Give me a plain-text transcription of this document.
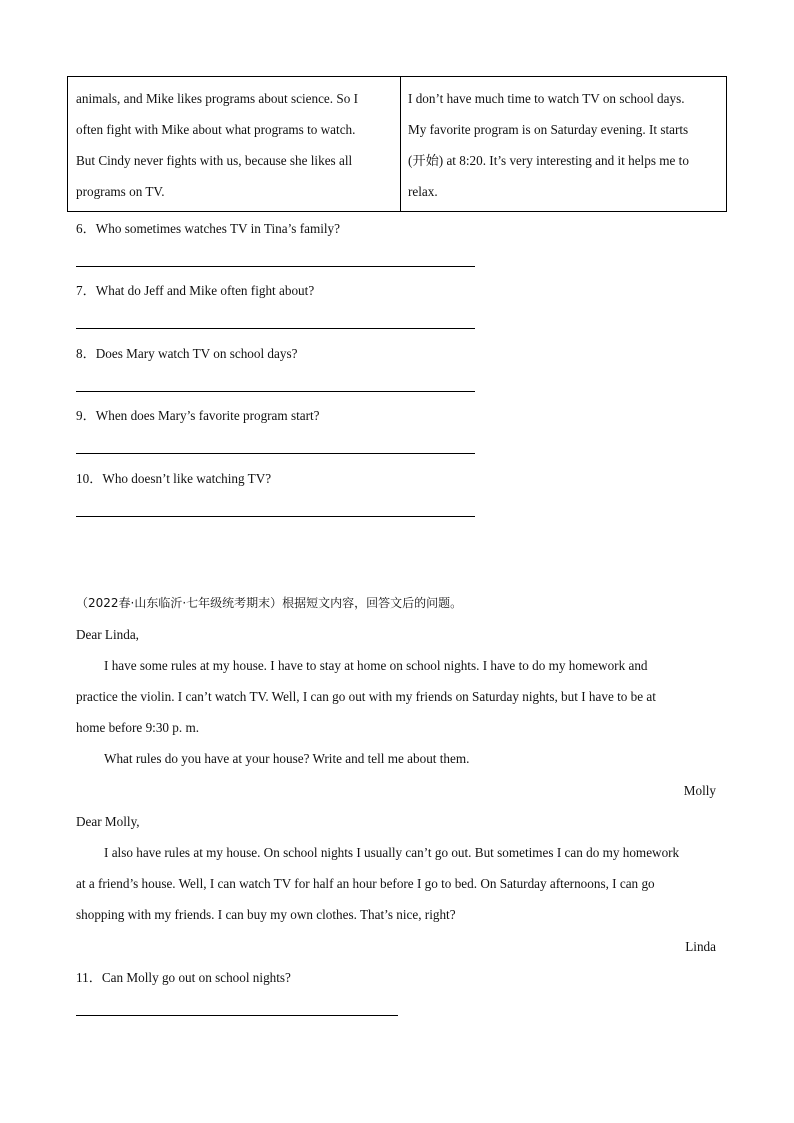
animals, and Mike likes programs about science. So I
often fight with Mike about what programs to watch.
But Cindy never fights with us, because she likes all
programs on TV.
I don’t have much time to watch TV on school days.
My favorite program is on Saturday evening. It starts
(开始) at 8:20. It’s very interesting and it helps me to
relax.
6．Who sometimes watches TV in Tina’s family?
7．What do Jeff and Mike often fight about?
8．Does Mary watch TV on school days?
9．When does Mary’s favorite program start?
10．Who doesn’t like watching TV?
（2022春·山东临沂·七年级统考期末）根据短文内容，回答文后的问题。
Dear Linda,
I have some rules at my house. I have to stay at home on school nights. I have to do my homework and
practice the violin. I can’t watch TV. Well, I can go out with my friends on Saturday nights, but I have to be at
home before 9:30 p. m.
What rules do you have at your house? Write and tell me about them.
Molly
Dear Molly,
I also have rules at my house. On school nights I usually can’t go out. But sometimes I can do my homework
at a friend’s house. Well, I can watch TV for half an hour before I go to bed. On Saturday afternoons, I can go
shopping with my friends. I can buy my own clothes. That’s nice, right?
Linda
11．Can Molly go out on school nights?
